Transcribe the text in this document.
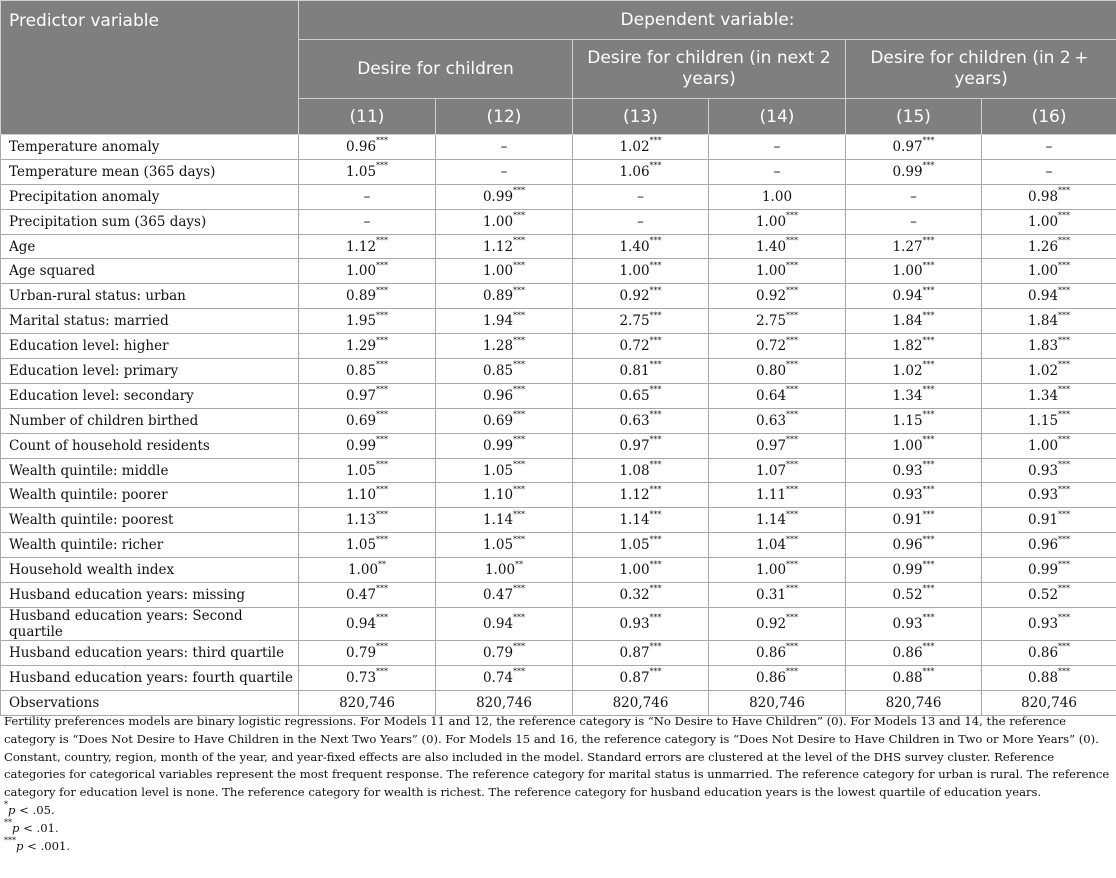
Predictor variable	Dependent variable:					
	Desire for children		Desire for children (in next 2 years)		Desire for children (in 2 + years)	
	(11)	(12)	(13)	(14)	(15)	(16)
Temperature anomaly	0.96***	–	1.02***	–	0.97***	–
Temperature mean (365 days)	1.05***	–	1.06***	–	0.99***	–
Precipitation anomaly	–	0.99***	–	1.00	–	0.98***
Precipitation sum (365 days)	–	1.00***	–	1.00***	–	1.00***
Age	1.12***	1.12***	1.40***	1.40***	1.27***	1.26***
Age squared	1.00***	1.00***	1.00***	1.00***	1.00***	1.00***
Urban-rural status: urban	0.89***	0.89***	0.92***	0.92***	0.94***	0.94***
Marital status: married	1.95***	1.94***	2.75***	2.75***	1.84***	1.84***
Education level: higher	1.29***	1.28***	0.72***	0.72***	1.82***	1.83***
Education level: primary	0.85***	0.85***	0.81***	0.80***	1.02***	1.02***
Education level: secondary	0.97***	0.96***	0.65***	0.64***	1.34***	1.34***
Number of children birthed	0.69***	0.69***	0.63***	0.63***	1.15***	1.15***
Count of household residents	0.99***	0.99***	0.97***	0.97***	1.00***	1.00***
Wealth quintile: middle	1.05***	1.05***	1.08***	1.07***	0.93***	0.93***
Wealth quintile: poorer	1.10***	1.10***	1.12***	1.11***	0.93***	0.93***
Wealth quintile: poorest	1.13***	1.14***	1.14***	1.14***	0.91***	0.91***
Wealth quintile: richer	1.05***	1.05***	1.05***	1.04***	0.96***	0.96***
Household wealth index	1.00**	1.00**	1.00***	1.00***	0.99***	0.99***
Husband education years: missing	0.47***	0.47***	0.32***	0.31***	0.52***	0.52***
Husband education years: Second quartile	0.94***	0.94***	0.93***	0.92***	0.93***	0.93***
Husband education years: third quartile	0.79***	0.79***	0.87***	0.86***	0.86***	0.86***
Husband education years: fourth quartile	0.73***	0.74***	0.87***	0.86***	0.88***	0.88***
Observations	820,746	820,746	820,746	820,746	820,746	820,746

Fertility preferences models are binary logistic regressions. For Models 11 and 12, the reference category is “No Desire to Have Children” (0). For Models 13 and 14, the reference category is “Does Not Desire to Have Children in the Next Two Years” (0). For Models 15 and 16, the reference category is “Does Not Desire to Have Children in Two or More Years” (0). Constant, country, region, month of the year, and year-fixed effects are also included in the model. Standard errors are clustered at the level of the DHS survey cluster. Reference categories for categorical variables represent the most frequent response. The reference category for marital status is unmarried. The reference category for urban is rural. The reference category for education level is none. The reference category for wealth is richest. The reference category for husband education years is the lowest quartile of education years.

*p < .05.

**p < .01.

***p < .001.
